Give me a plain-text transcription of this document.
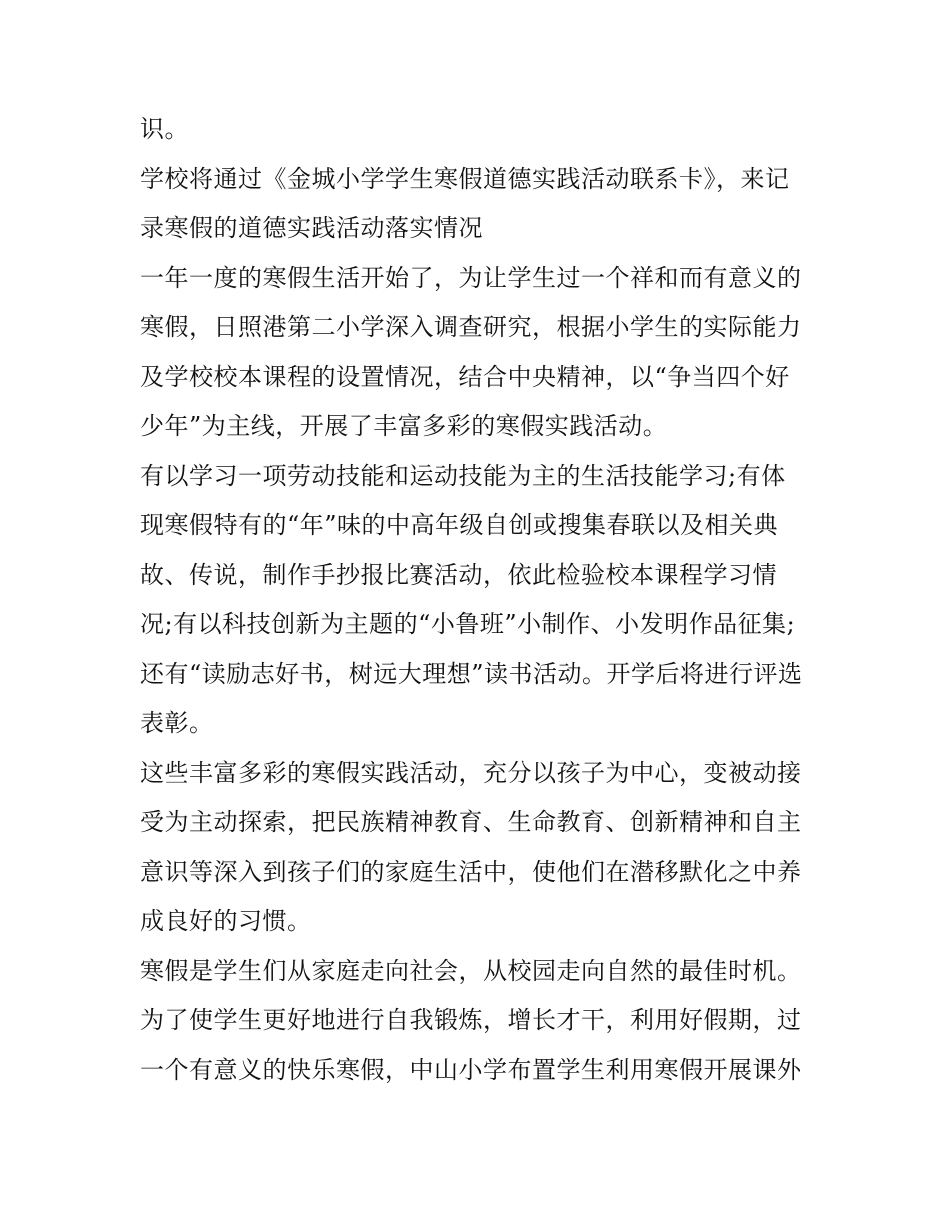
识。

学校将通过《金城小学学生寒假道德实践活动联系卡》，来记
录寒假的道德实践活动落实情况

一年一度的寒假生活开始了，为让学生过一个祥和而有意义的
寒假，日照港第二小学深入调查研究，根据小学生的实际能力
及学校校本课程的设置情况，结合中央精神，以“争当四个好
少年”为主线，开展了丰富多彩的寒假实践活动。

有以学习一项劳动技能和运动技能为主的生活技能学习;有体
现寒假特有的“年”味的中高年级自创或搜集春联以及相关典
故、传说，制作手抄报比赛活动，依此检验校本课程学习情
况;有以科技创新为主题的“小鲁班”小制作、小发明作品征集;
还有“读励志好书，树远大理想”读书活动。开学后将进行评选
表彰。

这些丰富多彩的寒假实践活动，充分以孩子为中心，变被动接
受为主动探索，把民族精神教育、生命教育、创新精神和自主
意识等深入到孩子们的家庭生活中，使他们在潜移默化之中养
成良好的习惯。

寒假是学生们从家庭走向社会，从校园走向自然的最佳时机。
为了使学生更好地进行自我锻炼，增长才干，利用好假期，过
一个有意义的快乐寒假，中山小学布置学生利用寒假开展课外
